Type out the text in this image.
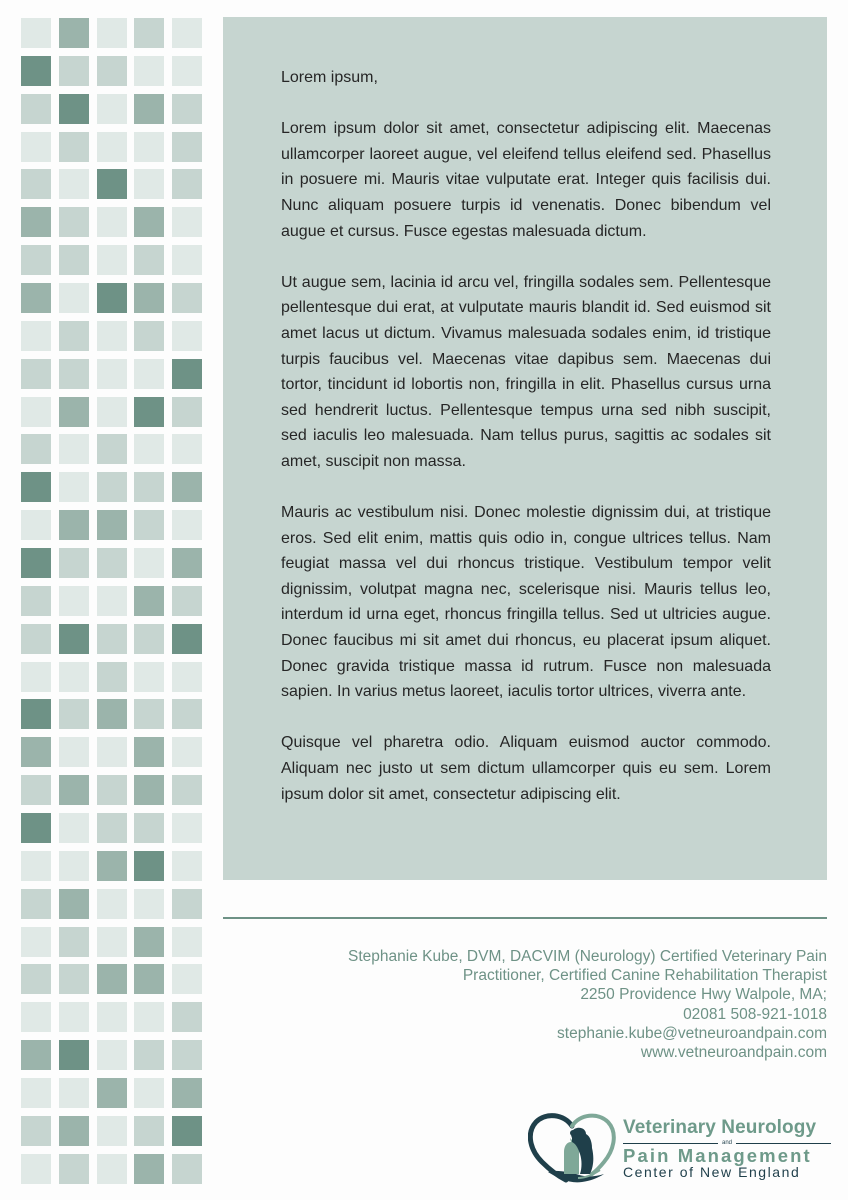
Lorem ipsum,

Lorem ipsum dolor sit amet, consectetur adipiscing elit. Maecenas ullamcorper laoreet augue, vel eleifend tellus eleifend sed. Phasellus in posuere mi. Mauris vitae vulputate erat. Integer quis facilisis dui. Nunc aliquam posuere turpis id venenatis. Donec bibendum vel augue et cursus. Fusce egestas malesuada dictum.

Ut augue sem, lacinia id arcu vel, fringilla sodales sem. Pellentesque pellentesque dui erat, at vulputate mauris blandit id. Sed euismod sit amet lacus ut dictum. Vivamus malesuada sodales enim, id tristique turpis faucibus vel. Maecenas vitae dapibus sem. Maecenas dui tortor, tincidunt id lobortis non, fringilla in elit. Phasellus cursus urna sed hendrerit luctus. Pellentesque tempus urna sed nibh suscipit, sed iaculis leo malesuada. Nam tellus purus, sagittis ac sodales sit amet, suscipit non massa.

Mauris ac vestibulum nisi. Donec molestie dignissim dui, at tristique eros. Sed elit enim, mattis quis odio in, congue ultrices tellus. Nam feugiat massa vel dui rhoncus tristique. Vestibulum tempor velit dignissim, volutpat magna nec, scelerisque nisi. Mauris tellus leo, interdum id urna eget, rhoncus fringilla tellus. Sed ut ultricies augue. Donec faucibus mi sit amet dui rhoncus, eu placerat ipsum aliquet. Donec gravida tristique massa id rutrum. Fusce non malesuada sapien. In varius metus laoreet, iaculis tortor ultrices, viverra ante.

Quisque vel pharetra odio. Aliquam euismod auctor commodo. Aliquam nec justo ut sem dictum ullamcorper quis eu sem. Lorem ipsum dolor sit amet, consectetur adipiscing elit.

Stephanie Kube, DVM, DACVIM (Neurology) Certified Veterinary Pain
Practitioner, Certified Canine Rehabilitation Therapist
2250 Providence Hwy Walpole, MA;
02081 508-921-1018
stephanie.kube@vetneuroandpain.com
www.vetneuroandpain.com
Veterinary Neurology
and
Pain Management
Center of New England
